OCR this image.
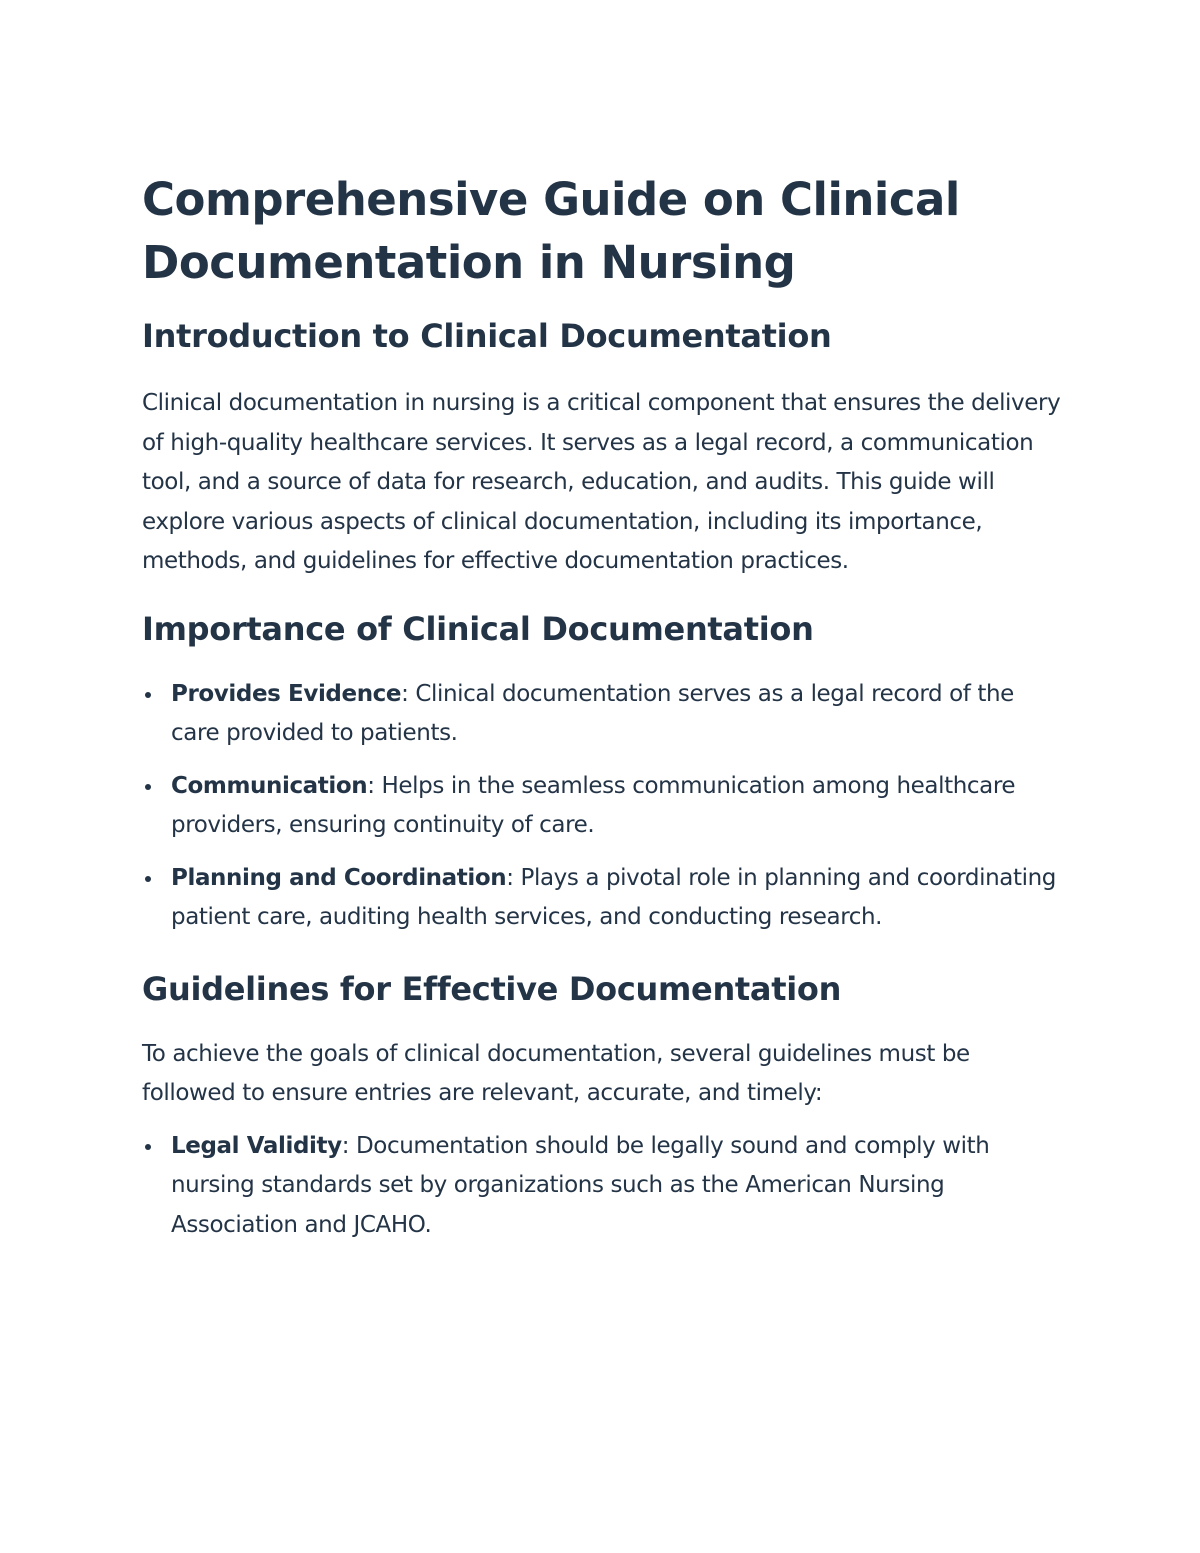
Comprehensive Guide on Clinical Documentation in Nursing
Introduction to Clinical Documentation

Clinical documentation in nursing is a critical component that ensures the delivery of high-quality healthcare services. It serves as a legal record, a communication tool, and a source of data for research, education, and audits. This guide will explore various aspects of clinical documentation, including its importance, methods, and guidelines for effective documentation practices.

Importance of Clinical Documentation
Provides Evidence: Clinical documentation serves as a legal record of the care provided to patients.
Communication: Helps in the seamless communication among healthcare providers, ensuring continuity of care.
Planning and Coordination: Plays a pivotal role in planning and coordinating patient care, auditing health services, and conducting research.
Guidelines for Effective Documentation

To achieve the goals of clinical documentation, several guidelines must be followed to ensure entries are relevant, accurate, and timely:

Legal Validity: Documentation should be legally sound and comply with nursing standards set by organizations such as the American Nursing Association and JCAHO.
